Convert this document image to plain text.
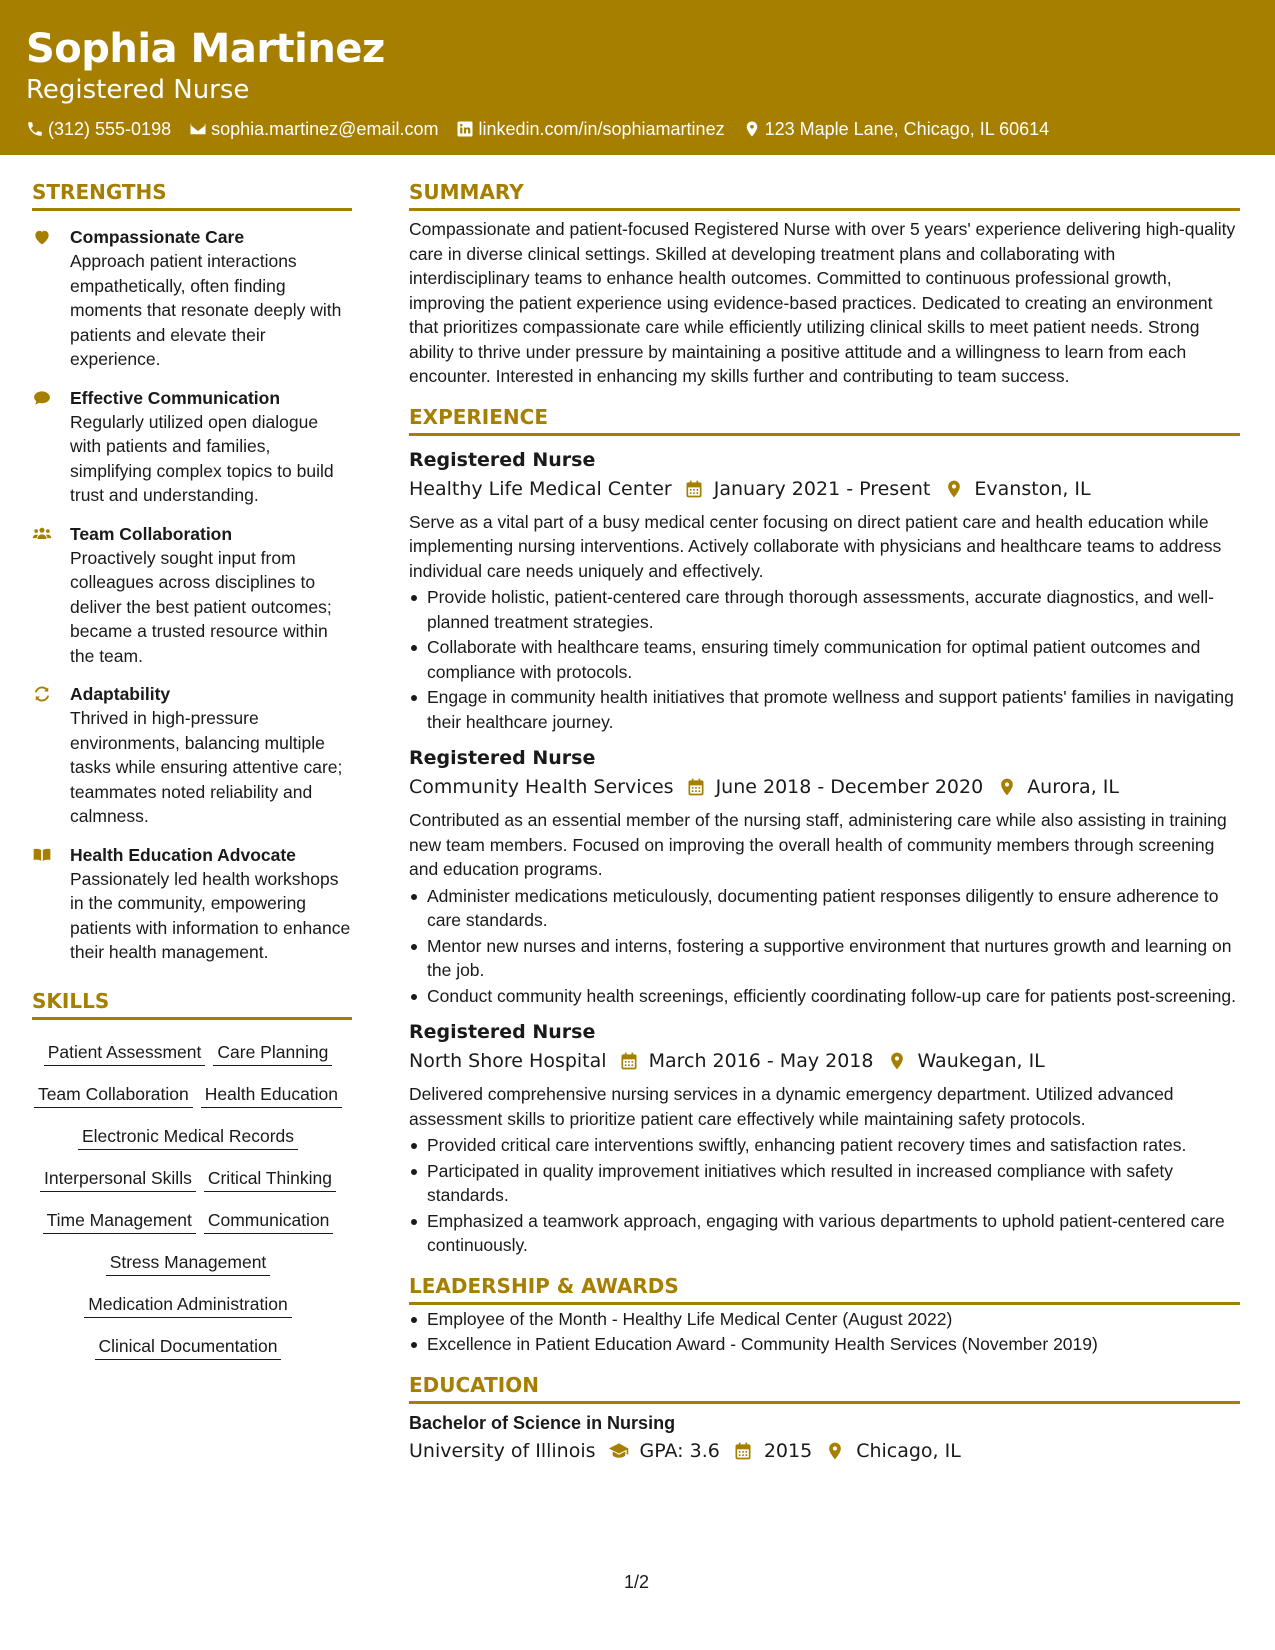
Sophia Martinez
Registered Nurse
(312) 555-0198 sophia.martinez@email.com linkedin.com/in/sophiamartinez 123 Maple Lane, Chicago, IL 60614
STRENGTHS
Compassionate Care
Approach patient interactions empathetically, often finding moments that resonate deeply with patients and elevate their experience.
Effective Communication
Regularly utilized open dialogue with patients and families, simplifying complex topics to build trust and understanding.
Team Collaboration
Proactively sought input from colleagues across disciplines to deliver the best patient outcomes; became a trusted resource within the team.
Adaptability
Thrived in high-pressure environments, balancing multiple tasks while ensuring attentive care; teammates noted reliability and calmness.
Health Education Advocate
Passionately led health workshops in the community, empowering patients with information to enhance their health management.
SKILLS
Patient Assessment Care Planning
Team Collaboration Health Education
Electronic Medical Records
Interpersonal Skills Critical Thinking
Time Management Communication
Stress Management
Medication Administration
Clinical Documentation
SUMMARY
Compassionate and patient-focused Registered Nurse with over 5 years' experience delivering high-quality care in diverse clinical settings. Skilled at developing treatment plans and collaborating with interdisciplinary teams to enhance health outcomes. Committed to continuous professional growth, improving the patient experience using evidence-based practices. Dedicated to creating an environment that prioritizes compassionate care while efficiently utilizing clinical skills to meet patient needs. Strong ability to thrive under pressure by maintaining a positive attitude and a willingness to learn from each encounter. Interested in enhancing my skills further and contributing to team success.
EXPERIENCE
Registered Nurse
Healthy Life Medical Center January 2021 - Present Evanston, IL
Serve as a vital part of a busy medical center focusing on direct patient care and health education while implementing nursing interventions. Actively collaborate with physicians and healthcare teams to address individual care needs uniquely and effectively.
Provide holistic, patient-centered care through thorough assessments, accurate diagnostics, and well-planned treatment strategies.
Collaborate with healthcare teams, ensuring timely communication for optimal patient outcomes and compliance with protocols.
Engage in community health initiatives that promote wellness and support patients' families in navigating their healthcare journey.
Registered Nurse
Community Health Services June 2018 - December 2020 Aurora, IL
Contributed as an essential member of the nursing staff, administering care while also assisting in training new team members. Focused on improving the overall health of community members through screening and education programs.
Administer medications meticulously, documenting patient responses diligently to ensure adherence to care standards.
Mentor new nurses and interns, fostering a supportive environment that nurtures growth and learning on the job.
Conduct community health screenings, efficiently coordinating follow-up care for patients post-screening.
Registered Nurse
North Shore Hospital March 2016 - May 2018 Waukegan, IL
Delivered comprehensive nursing services in a dynamic emergency department. Utilized advanced assessment skills to prioritize patient care effectively while maintaining safety protocols.
Provided critical care interventions swiftly, enhancing patient recovery times and satisfaction rates.
Participated in quality improvement initiatives which resulted in increased compliance with safety standards.
Emphasized a teamwork approach, engaging with various departments to uphold patient-centered care continuously.
LEADERSHIP & AWARDS
Employee of the Month - Healthy Life Medical Center (August 2022)
Excellence in Patient Education Award - Community Health Services (November 2019)
EDUCATION
Bachelor of Science in Nursing
University of Illinois GPA: 3.6 2015 Chicago, IL
1/2
